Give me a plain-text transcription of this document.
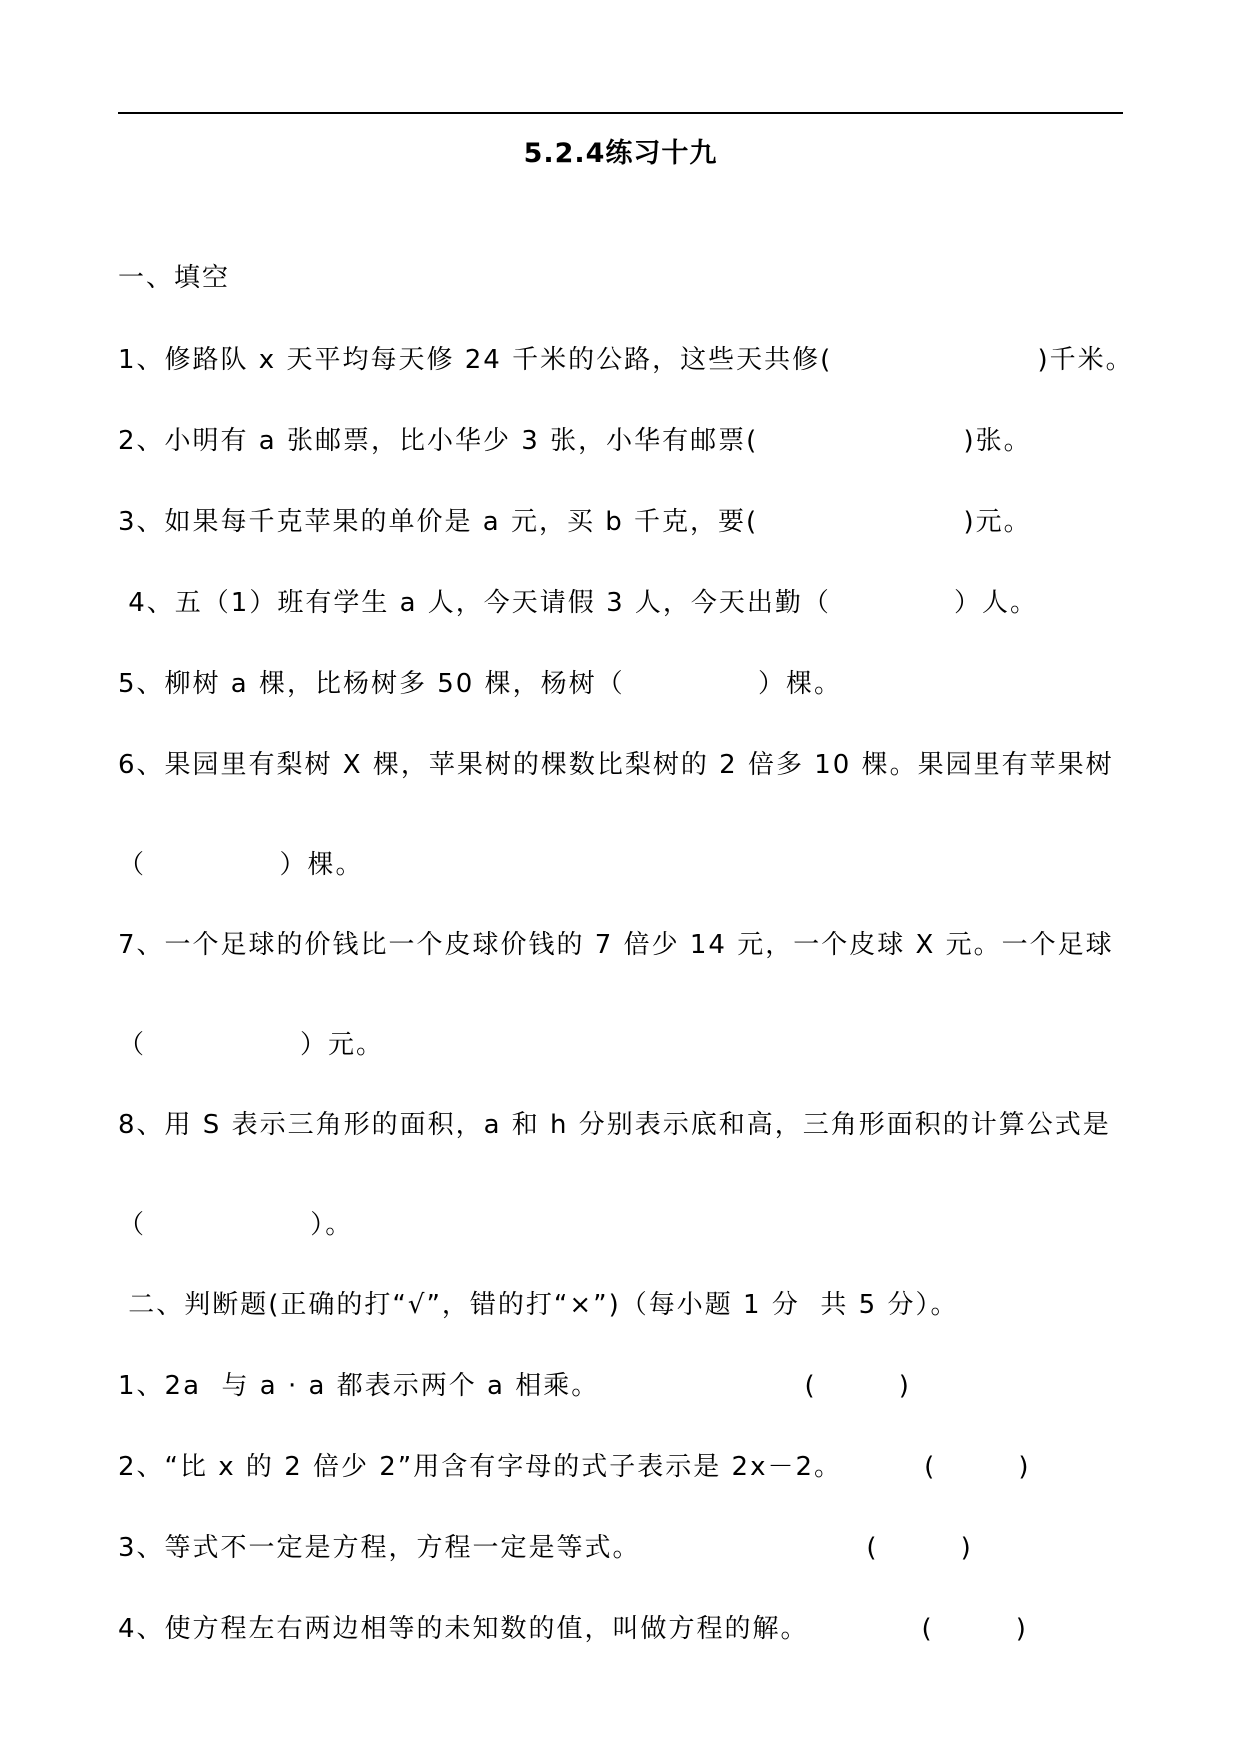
5.2.4练习十九
一、填空
1、修路队 x 天平均每天修 24 千米的公路，这些天共修(                    )千米。
2、小明有 a 张邮票，比小华少 3 张，小华有邮票(                    )张。
3、如果每千克苹果的单价是 a 元，买 b 千克，要(                    )元。
4、五（1）班有学生 a 人，今天请假 3 人，今天出勤（            ）人。
5、柳树 a 棵，比杨树多 50 棵，杨树（             ）棵。
6、果园里有梨树 X 棵，苹果树的棵数比梨树的 2 倍多 10 棵。果园里有苹果树
（             ）棵。
7、一个足球的价钱比一个皮球价钱的 7 倍少 14 元，一个皮球 X 元。一个足球
（               ）元。
8、用 S 表示三角形的面积，a 和 h 分别表示底和高，三角形面积的计算公式是
（                ）。
二、判断题(正确的打“√”，错的打“×”)（每小题 1 分  共 5 分）。
1、2a  与 a · a 都表示两个 a 相乘。                    (        )
2、“比 x 的 2 倍少 2”用含有字母的式子表示是 2x－2。        (        )
3、等式不一定是方程，方程一定是等式。                      (        )
4、使方程左右两边相等的未知数的值，叫做方程的解。           (        )
